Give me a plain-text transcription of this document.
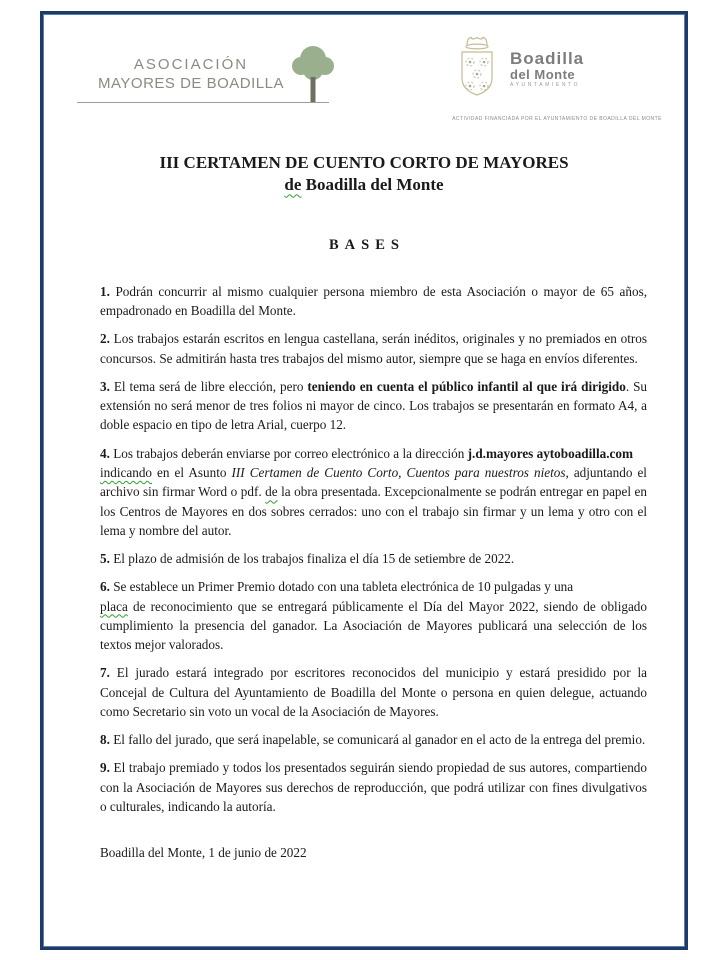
ASOCIACIÓN
MAYORES DE BOADILLA
Boadilla
del Monte
AYUNTAMIENTO
ACTIVIDAD FINANCIADA POR EL AYUNTAMIENTO DE BOADILLA DEL MONTE
III CERTAMEN DE CUENTO CORTO DE MAYORES
de Boadilla del Monte
BASES

1. Podrán concurrir al mismo cualquier persona miembro de esta Asociación o mayor de 65 años, empadronado en Boadilla del Monte.

2. Los trabajos estarán escritos en lengua castellana, serán inéditos, originales y no premiados en otros concursos. Se admitirán hasta tres trabajos del mismo autor, siempre que se haga en envíos diferentes.

3. El tema será de libre elección, pero teniendo en cuenta el público infantil al que irá dirigido. Su extensión no será menor de tres folios ni mayor de cinco. Los trabajos se presentarán en formato A4, a doble espacio en tipo de letra Arial, cuerpo 12.

4. Los trabajos deberán enviarse por correo electrónico a la dirección j.d.mayores aytoboadilla.com
indicando en el Asunto III Certamen de Cuento Corto, Cuentos para nuestros nietos, adjuntando el archivo sin firmar Word o pdf. de la obra presentada. Excepcionalmente se podrán entregar en papel en los Centros de Mayores en dos sobres cerrados: uno con el trabajo sin firmar y un lema y otro con el lema y nombre del autor.

5. El plazo de admisión de los trabajos finaliza el día 15 de setiembre de 2022.

6. Se establece un Primer Premio dotado con una tableta electrónica de 10 pulgadas y una
placa de reconocimiento que se entregará públicamente el Día del Mayor 2022, siendo de obligado cumplimiento la presencia del ganador. La Asociación de Mayores publicará una selección de los textos mejor valorados.

7. El jurado estará integrado por escritores reconocidos del municipio y estará presidido por la Concejal de Cultura del Ayuntamiento de Boadilla del Monte o persona en quien delegue, actuando como Secretario sin voto un vocal de la Asociación de Mayores.

8. El fallo del jurado, que será inapelable, se comunicará al ganador en el acto de la entrega del premio.

9. El trabajo premiado y todos los presentados seguirán siendo propiedad de sus autores, compartiendo con la Asociación de Mayores sus derechos de reproducción, que podrá utilizar con fines divulgativos o culturales, indicando la autoría.

Boadilla del Monte, 1 de junio de 2022
